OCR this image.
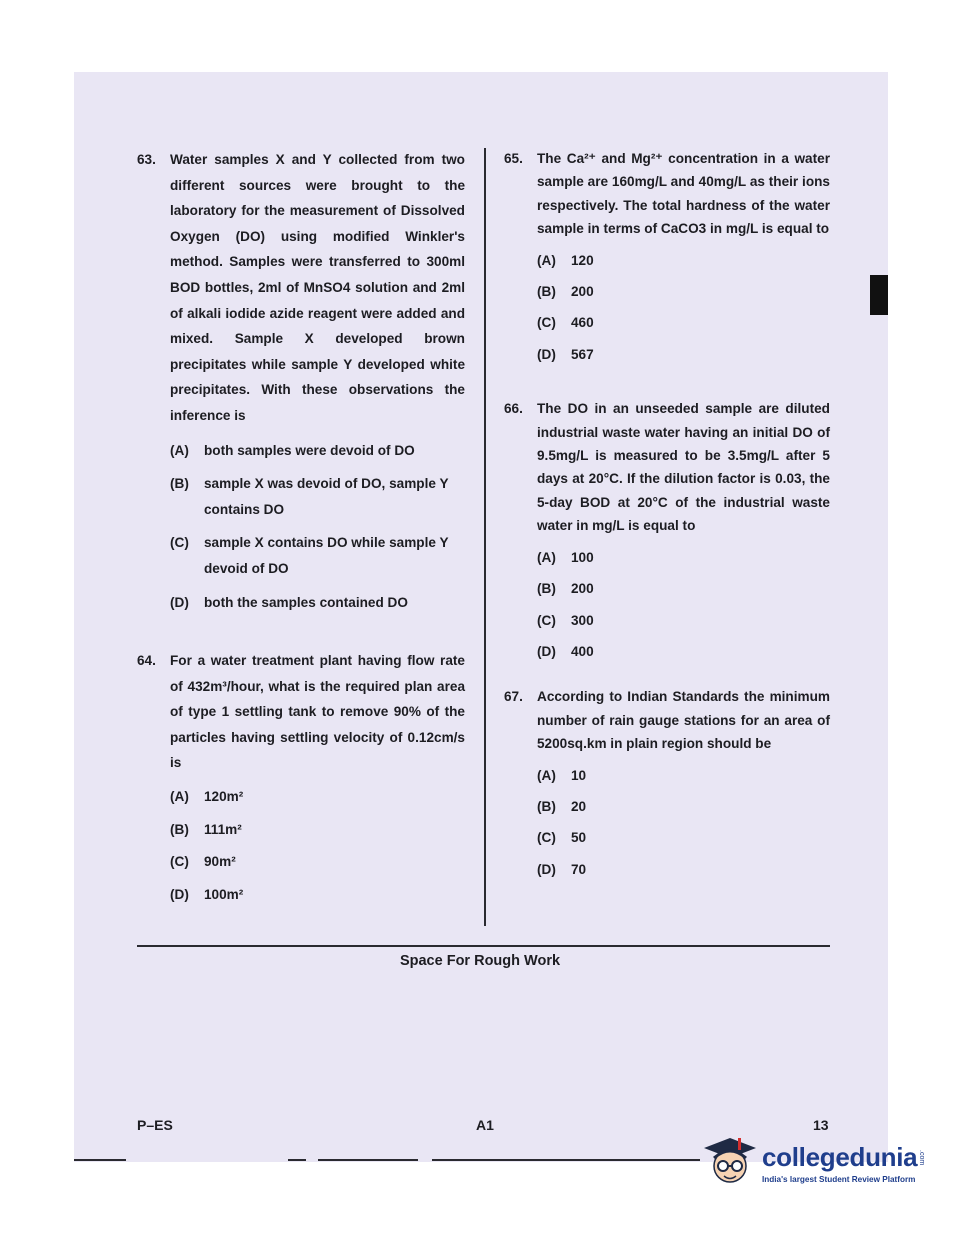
63. Water samples X and Y collected from two different sources were brought to the laboratory for the measurement of Dissolved Oxygen (DO) using modified Winkler's method. Samples were transferred to 300ml BOD bottles, 2ml of MnSO4 solution and 2ml of alkali iodide azide reagent were added and mixed. Sample X developed brown precipitates while sample Y developed white precipitates. With these observations the inference is
(A) both samples were devoid of DO
(B) sample X was devoid of DO, sample Y contains DO
(C) sample X contains DO while sample Y devoid of DO
(D) both the samples contained DO
64. For a water treatment plant having flow rate of 432m³/hour, what is the required plan area of type 1 settling tank to remove 90% of the particles having settling velocity of 0.12cm/s is
(A) 120m²
(B) 111m²
(C) 90m²
(D) 100m²
65. The Ca²⁺ and Mg²⁺ concentration in a water sample are 160mg/L and 40mg/L as their ions respectively. The total hardness of the water sample in terms of CaCO3 in mg/L is equal to
(A) 120
(B) 200
(C) 460
(D) 567
66. The DO in an unseeded sample are diluted industrial waste water having an initial DO of 9.5mg/L is measured to be 3.5mg/L after 5 days at 20°C. If the dilution factor is 0.03, the 5-day BOD at 20°C of the industrial waste water in mg/L is equal to
(A) 100
(B) 200
(C) 300
(D) 400
67. According to Indian Standards the minimum number of rain gauge stations for an area of 5200sq.km in plain region should be
(A) 10
(B) 20
(C) 50
(D) 70
Space For Rough Work
P–ES	A1	13
collegedunia .com
India's largest Student Review Platform
